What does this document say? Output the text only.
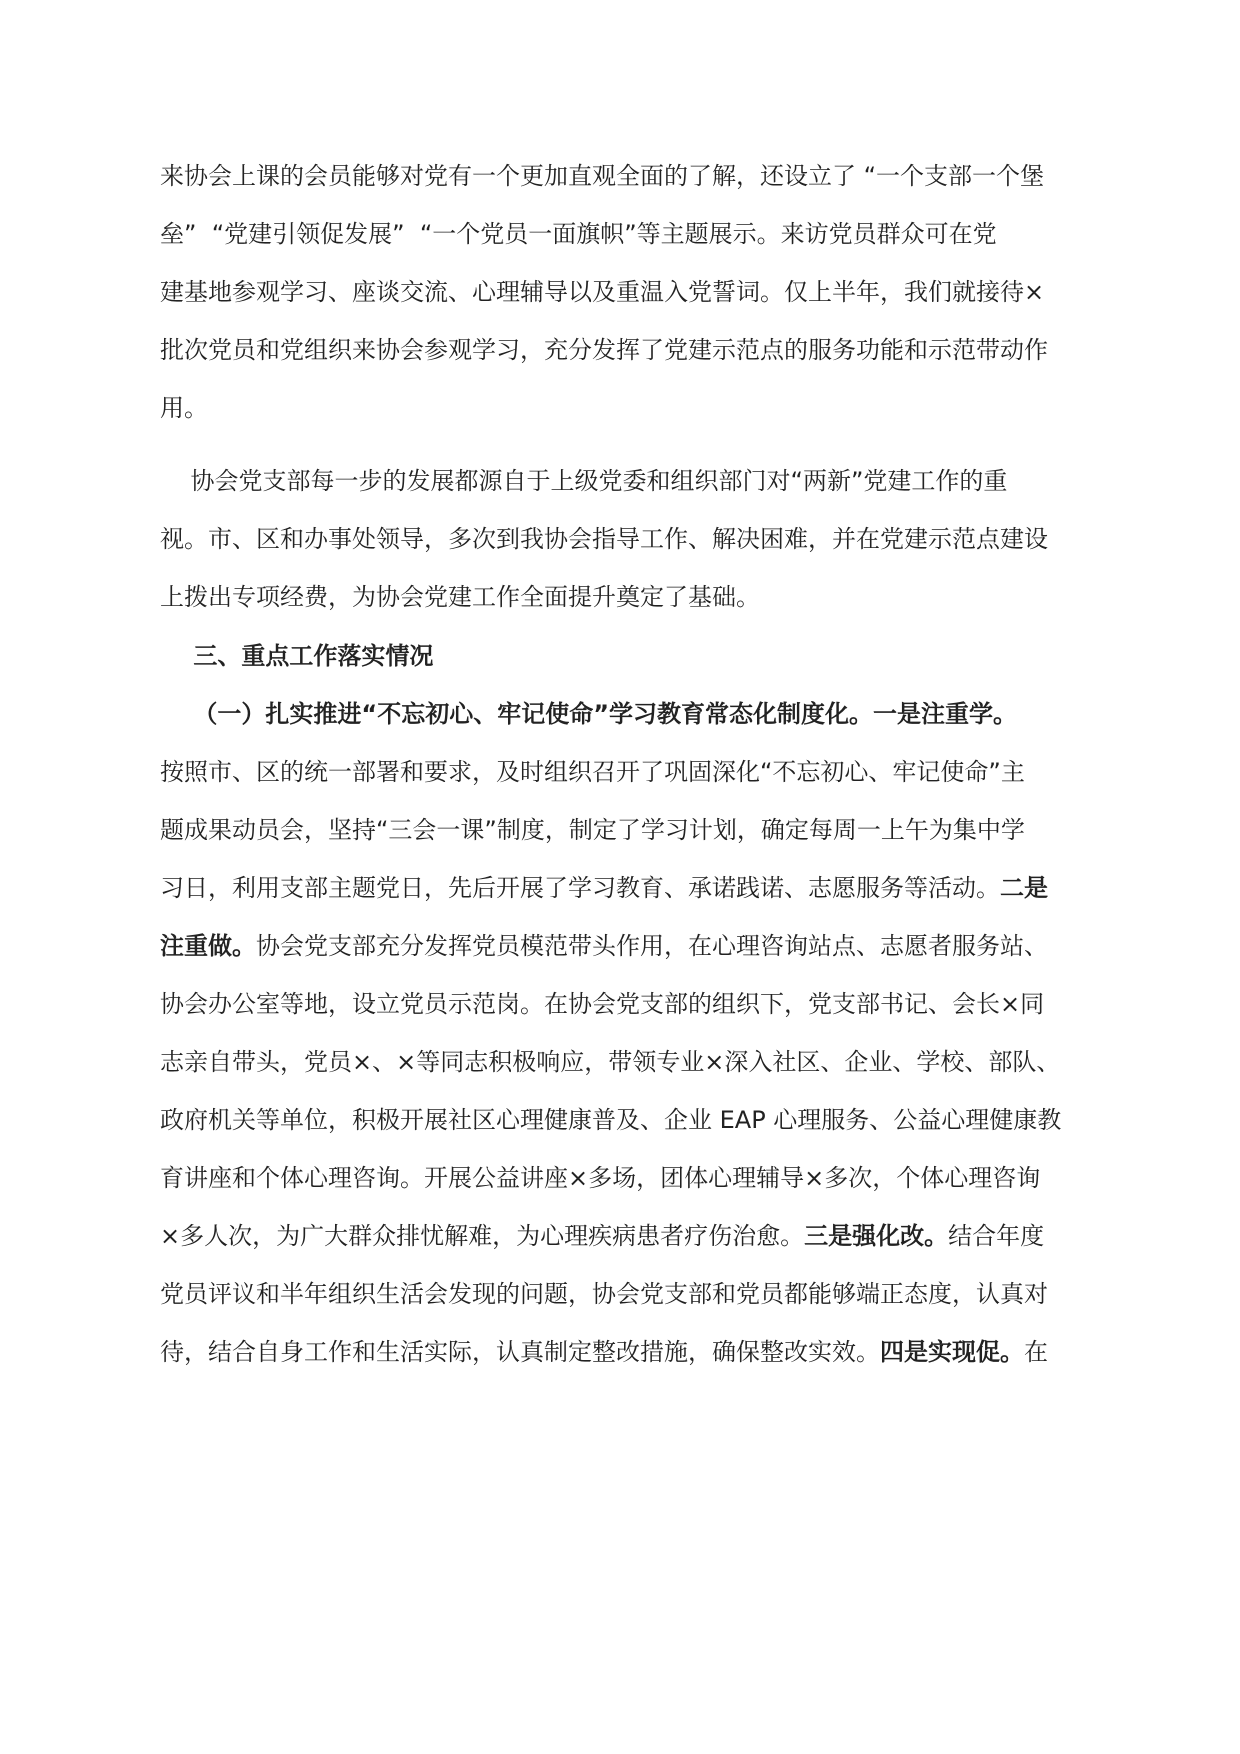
来协会上课的会员能够对党有一个更加直观全面的了解，还设立了 “一个支部一个堡
垒”  “党建引领促发展”  “一个党员一面旗帜”等主题展示。来访党员群众可在党
建基地参观学习、座谈交流、心理辅导以及重温入党誓词。仅上半年，我们就接待×
批次党员和党组织来协会参观学习，充分发挥了党建示范点的服务功能和示范带动作
用。
协会党支部每一步的发展都源自于上级党委和组织部门对“两新”党建工作的重
视。市、区和办事处领导，多次到我协会指导工作、解决困难，并在党建示范点建设
上拨出专项经费，为协会党建工作全面提升奠定了基础。
三、重点工作落实情况
（一）扎实推进“不忘初心、牢记使命”学习教育常态化制度化。一是注重学。
按照市、区的统一部署和要求，及时组织召开了巩固深化“不忘初心、牢记使命”主
题成果动员会，坚持“三会一课”制度，制定了学习计划，确定每周一上午为集中学
习日，利用支部主题党日，先后开展了学习教育、承诺践诺、志愿服务等活动。二是
注重做。协会党支部充分发挥党员模范带头作用，在心理咨询站点、志愿者服务站、
协会办公室等地，设立党员示范岗。在协会党支部的组织下，党支部书记、会长×同
志亲自带头，党员×、×等同志积极响应，带领专业×深入社区、企业、学校、部队、
政府机关等单位，积极开展社区心理健康普及、企业 EAP 心理服务、公益心理健康教
育讲座和个体心理咨询。开展公益讲座×多场，团体心理辅导×多次，个体心理咨询
×多人次，为广大群众排忧解难，为心理疾病患者疗伤治愈。三是强化改。结合年度
党员评议和半年组织生活会发现的问题，协会党支部和党员都能够端正态度，认真对
待，结合自身工作和生活实际，认真制定整改措施，确保整改实效。四是实现促。在
